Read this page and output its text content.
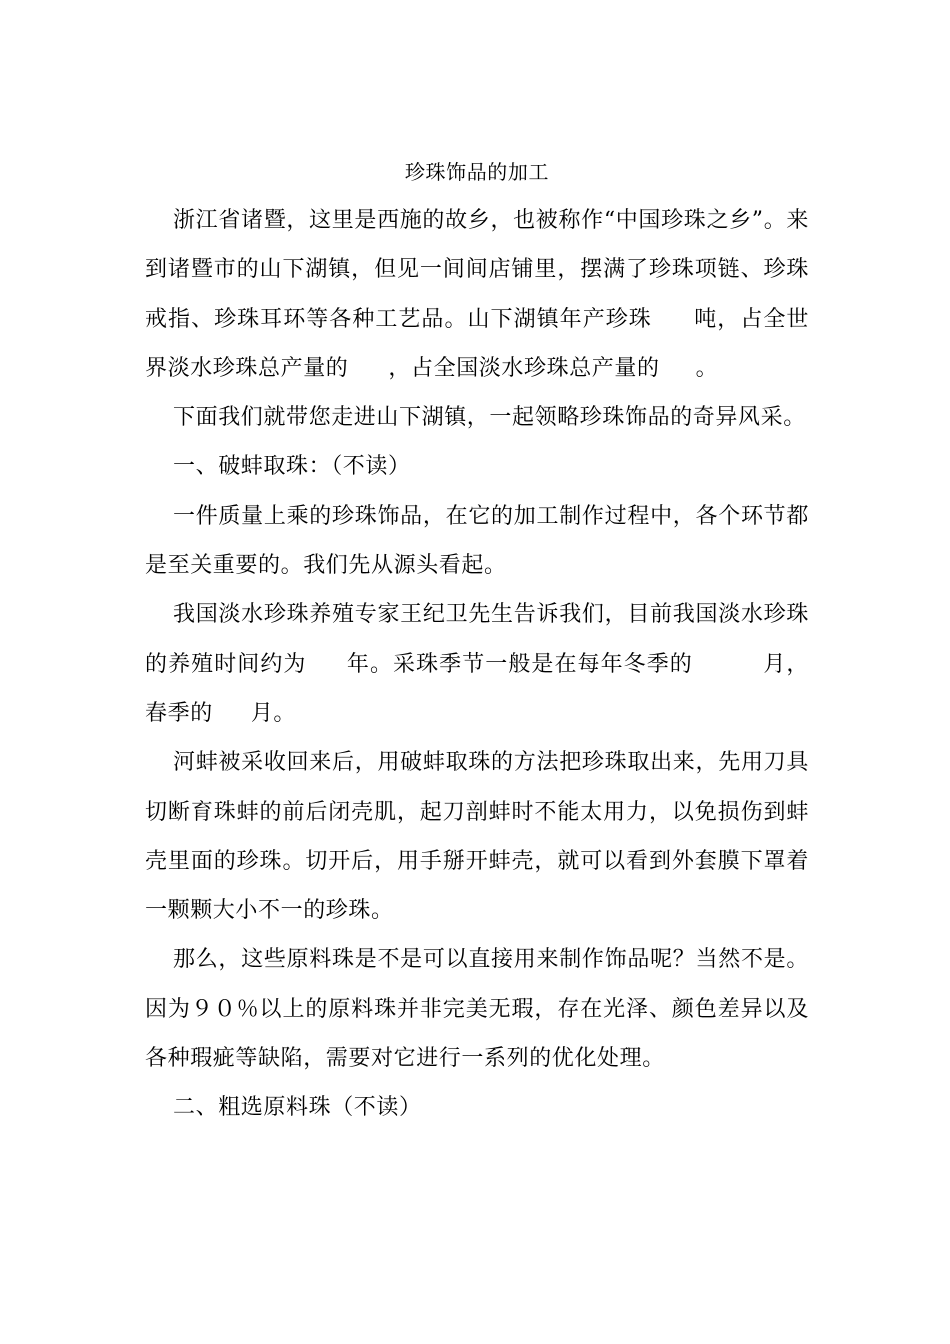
珍珠饰品的加工

浙江省诸暨，这里是西施的故乡，也被称作“中国珍珠之乡”。来到诸暨市的山下湖镇，但见一间间店铺里，摆满了珍珠项链、珍珠戒指、珍珠耳环等各种工艺品。山下湖镇年产珍珠 吨，占全世界淡水珍珠总产量的 ，占全国淡水珍珠总产量的 。

下面我们就带您走进山下湖镇，一起领略珍珠饰品的奇异风采。

一、破蚌取珠：（不读）

一件质量上乘的珍珠饰品，在它的加工制作过程中，各个环节都是至关重要的。我们先从源头看起。

我国淡水珍珠养殖专家王纪卫先生告诉我们，目前我国淡水珍珠的养殖时间约为 年。采珠季节一般是在每年冬季的	月，春季的 月。

河蚌被采收回来后，用破蚌取珠的方法把珍珠取出来，先用刀具切断育珠蚌的前后闭壳肌，起刀剖蚌时不能太用力，以免损伤到蚌壳里面的珍珠。切开后，用手掰开蚌壳，就可以看到外套膜下罩着一颗颗大小不一的珍珠。

那么，这些原料珠是不是可以直接用来制作饰品呢？当然不是。因为９０％以上的原料珠并非完美无瑕，存在光泽、颜色差异以及各种瑕疵等缺陷，需要对它进行一系列的优化处理。

二、粗选原料珠（不读）
